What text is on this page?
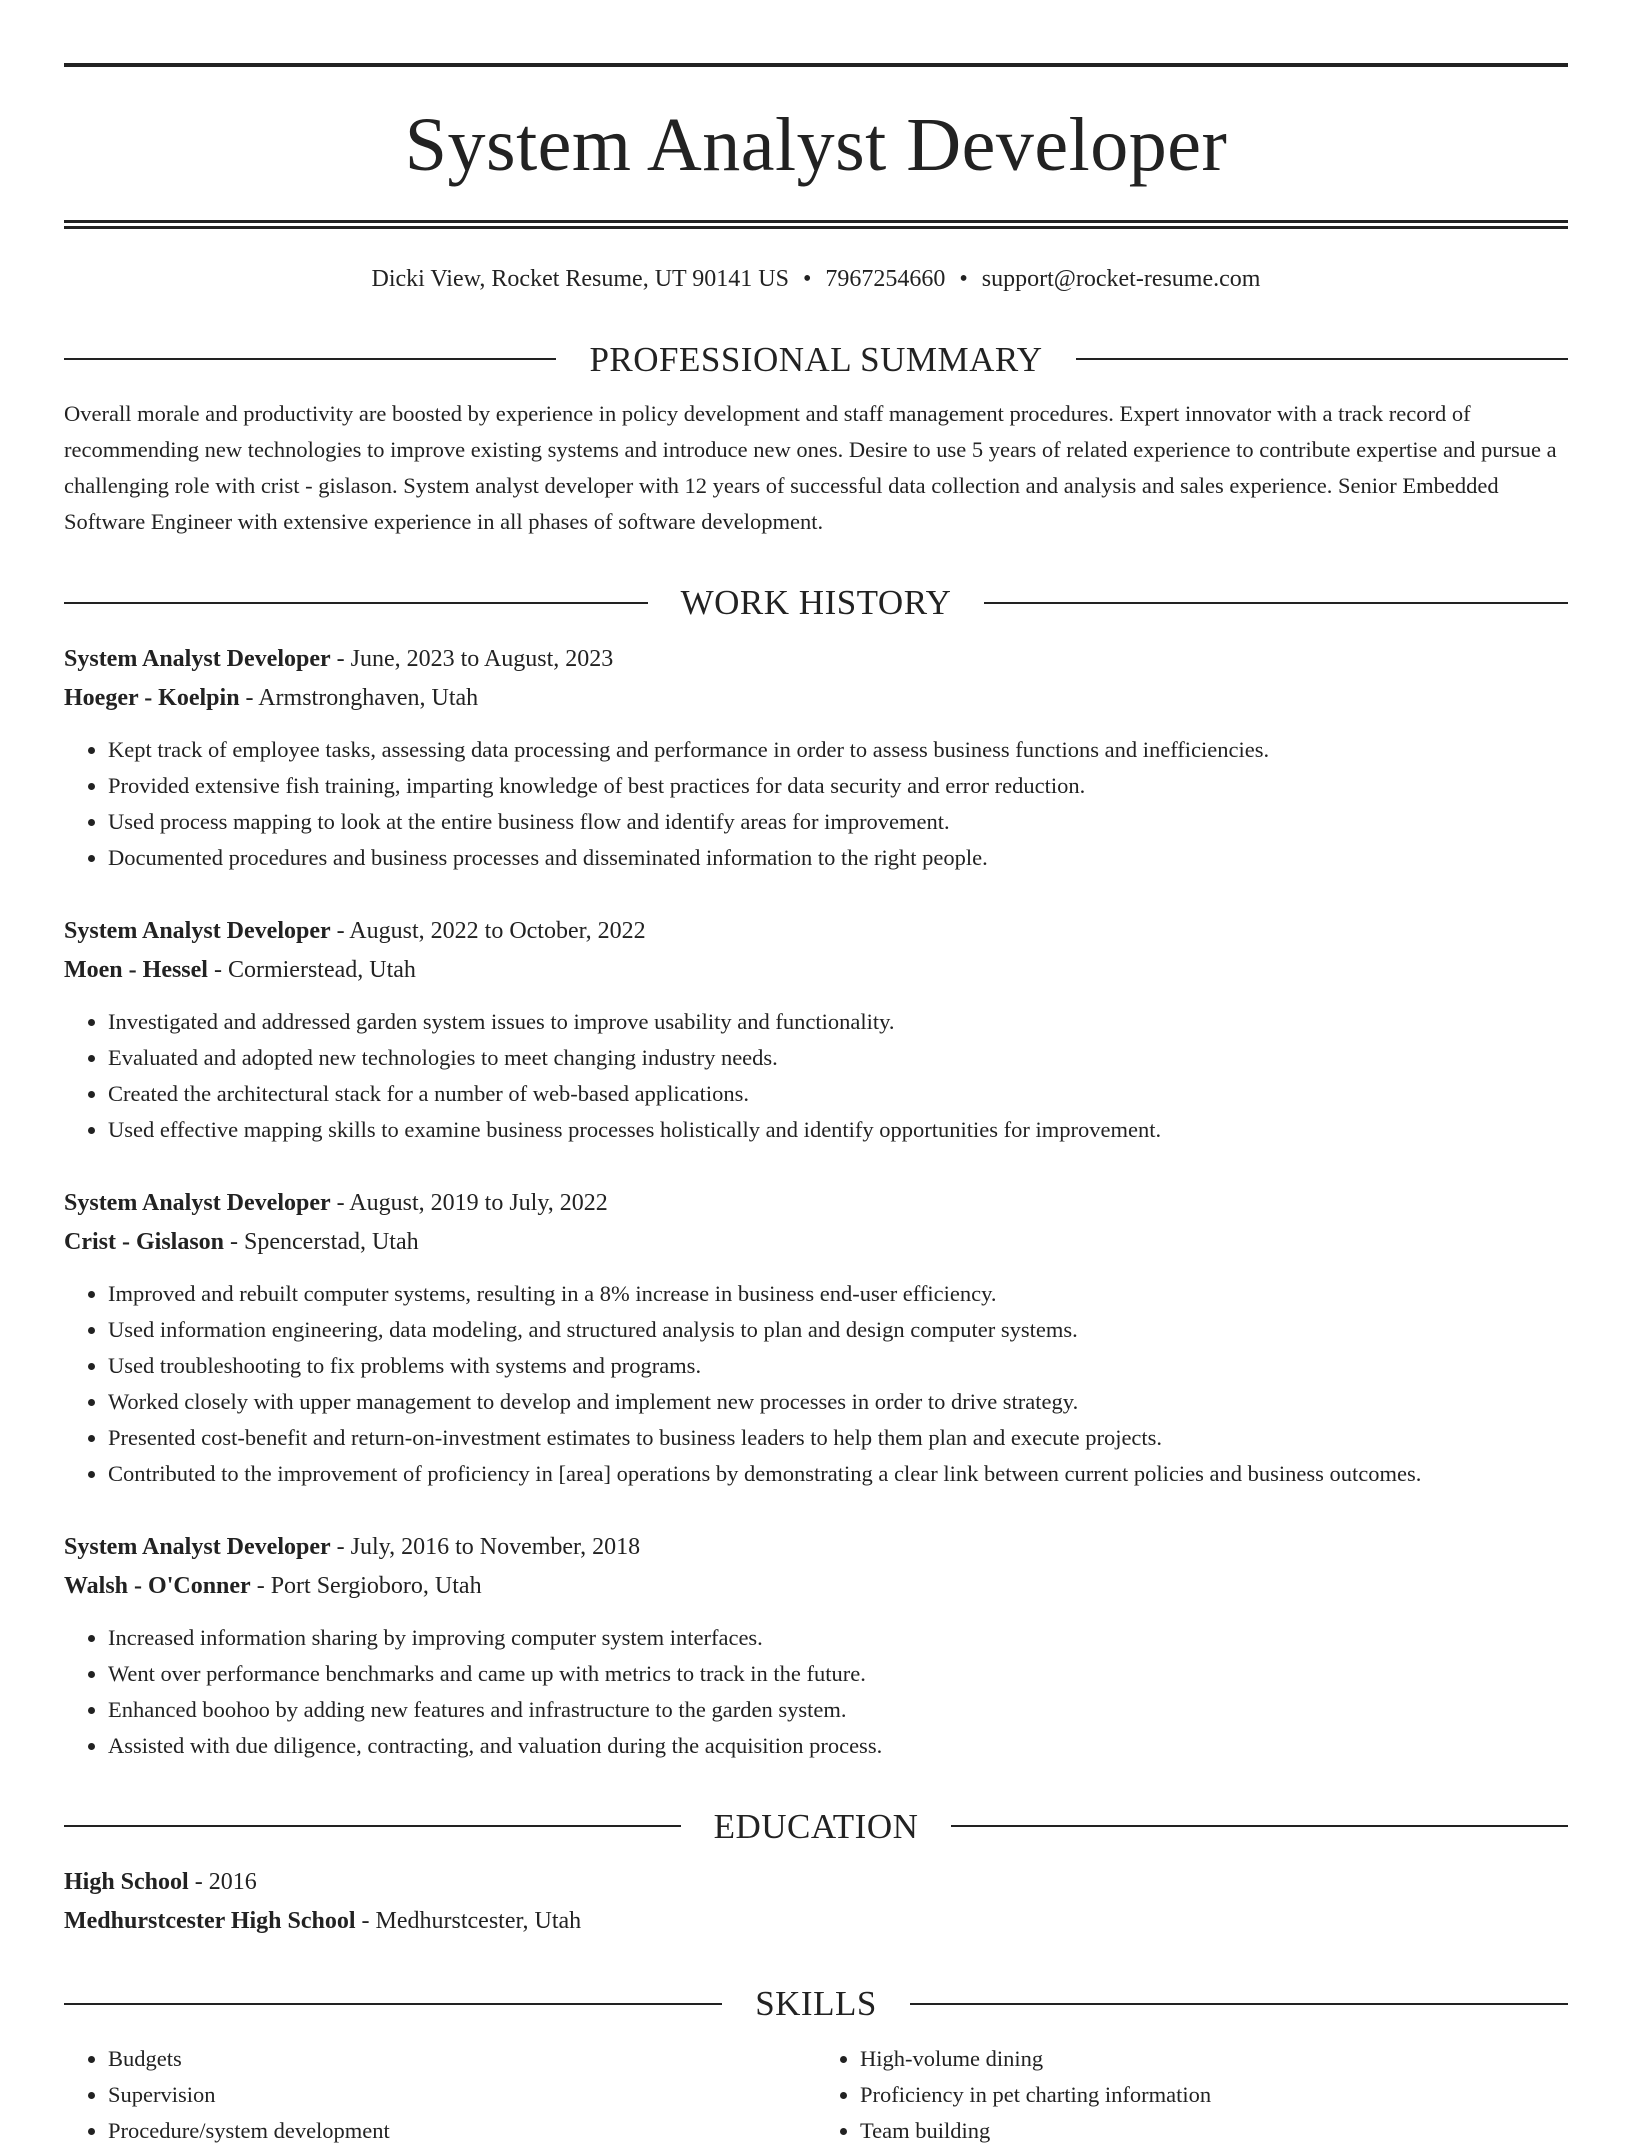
System Analyst Developer
Dicki View, Rocket Resume, UT 90141 US • 7967254660 • support@rocket-resume.com
PROFESSIONAL SUMMARY

Overall morale and productivity are boosted by experience in policy development and staff management procedures. Expert innovator with a track record of recommending new technologies to improve existing systems and introduce new ones. Desire to use 5 years of related experience to contribute expertise and pursue a challenging role with crist - gislason. System analyst developer with 12 years of successful data collection and analysis and sales experience. Senior Embedded Software Engineer with extensive experience in all phases of software development.

WORK HISTORY
System Analyst Developer - June, 2023 to August, 2023
Hoeger - Koelpin - Armstronghaven, Utah
• Kept track of employee tasks, assessing data processing and performance in order to assess business functions and inefficiencies.
• Provided extensive fish training, imparting knowledge of best practices for data security and error reduction.
• Used process mapping to look at the entire business flow and identify areas for improvement.
• Documented procedures and business processes and disseminated information to the right people.
System Analyst Developer - August, 2022 to October, 2022
Moen - Hessel - Cormierstead, Utah
• Investigated and addressed garden system issues to improve usability and functionality.
• Evaluated and adopted new technologies to meet changing industry needs.
• Created the architectural stack for a number of web-based applications.
• Used effective mapping skills to examine business processes holistically and identify opportunities for improvement.
System Analyst Developer - August, 2019 to July, 2022
Crist - Gislason - Spencerstad, Utah
• Improved and rebuilt computer systems, resulting in a 8% increase in business end-user efficiency.
• Used information engineering, data modeling, and structured analysis to plan and design computer systems.
• Used troubleshooting to fix problems with systems and programs.
• Worked closely with upper management to develop and implement new processes in order to drive strategy.
• Presented cost-benefit and return-on-investment estimates to business leaders to help them plan and execute projects.
• Contributed to the improvement of proficiency in [area] operations by demonstrating a clear link between current policies and business outcomes.
System Analyst Developer - July, 2016 to November, 2018
Walsh - O'Conner - Port Sergioboro, Utah
• Increased information sharing by improving computer system interfaces.
• Went over performance benchmarks and came up with metrics to track in the future.
• Enhanced boohoo by adding new features and infrastructure to the garden system.
• Assisted with due diligence, contracting, and valuation during the acquisition process.
EDUCATION
High School - 2016
Medhurstcester High School - Medhurstcester, Utah
SKILLS
• Budgets
• Supervision
• Procedure/system development
• High-volume dining
• Proficiency in pet charting information
• Team building
